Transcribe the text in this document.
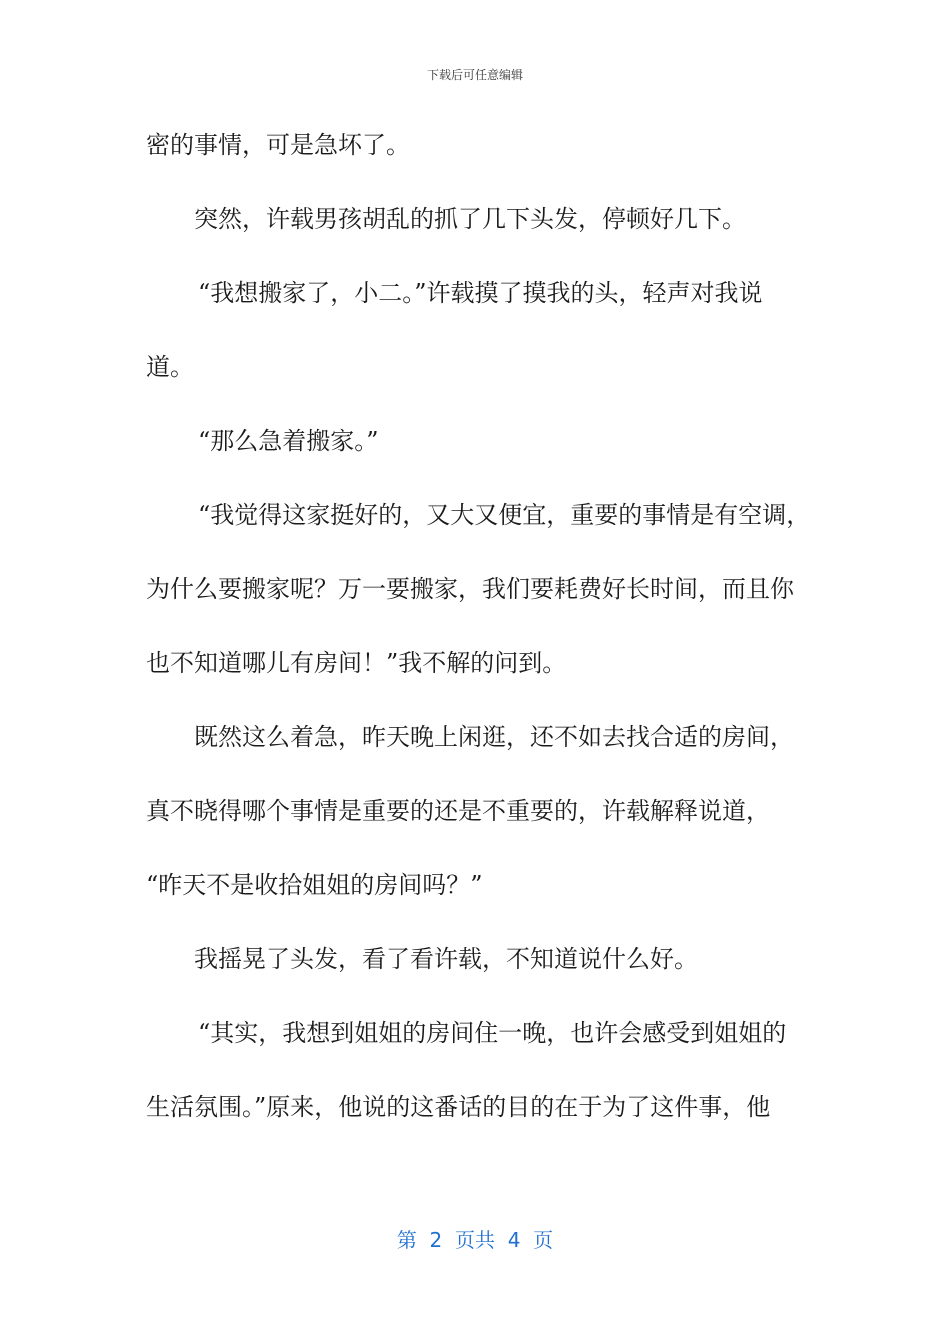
下载后可任意编辑
密的事情，可是急坏了。
突然，许载男孩胡乱的抓了几下头发，停顿好几下。
“我想搬家了，小二。”许载摸了摸我的头，轻声对我说
道。
“那么急着搬家。”
“我觉得这家挺好的，又大又便宜，重要的事情是有空调，
为什么要搬家呢？万一要搬家，我们要耗费好长时间，而且你
也不知道哪儿有房间！”我不解的问到。
既然这么着急，昨天晚上闲逛，还不如去找合适的房间，
真不晓得哪个事情是重要的还是不重要的，许载解释说道，
“昨天不是收拾姐姐的房间吗？”
我摇晃了头发，看了看许载，不知道说什么好。
“其实，我想到姐姐的房间住一晚，也许会感受到姐姐的
生活氛围。”原来，他说的这番话的目的在于为了这件事，他
第  2  页共  4  页
